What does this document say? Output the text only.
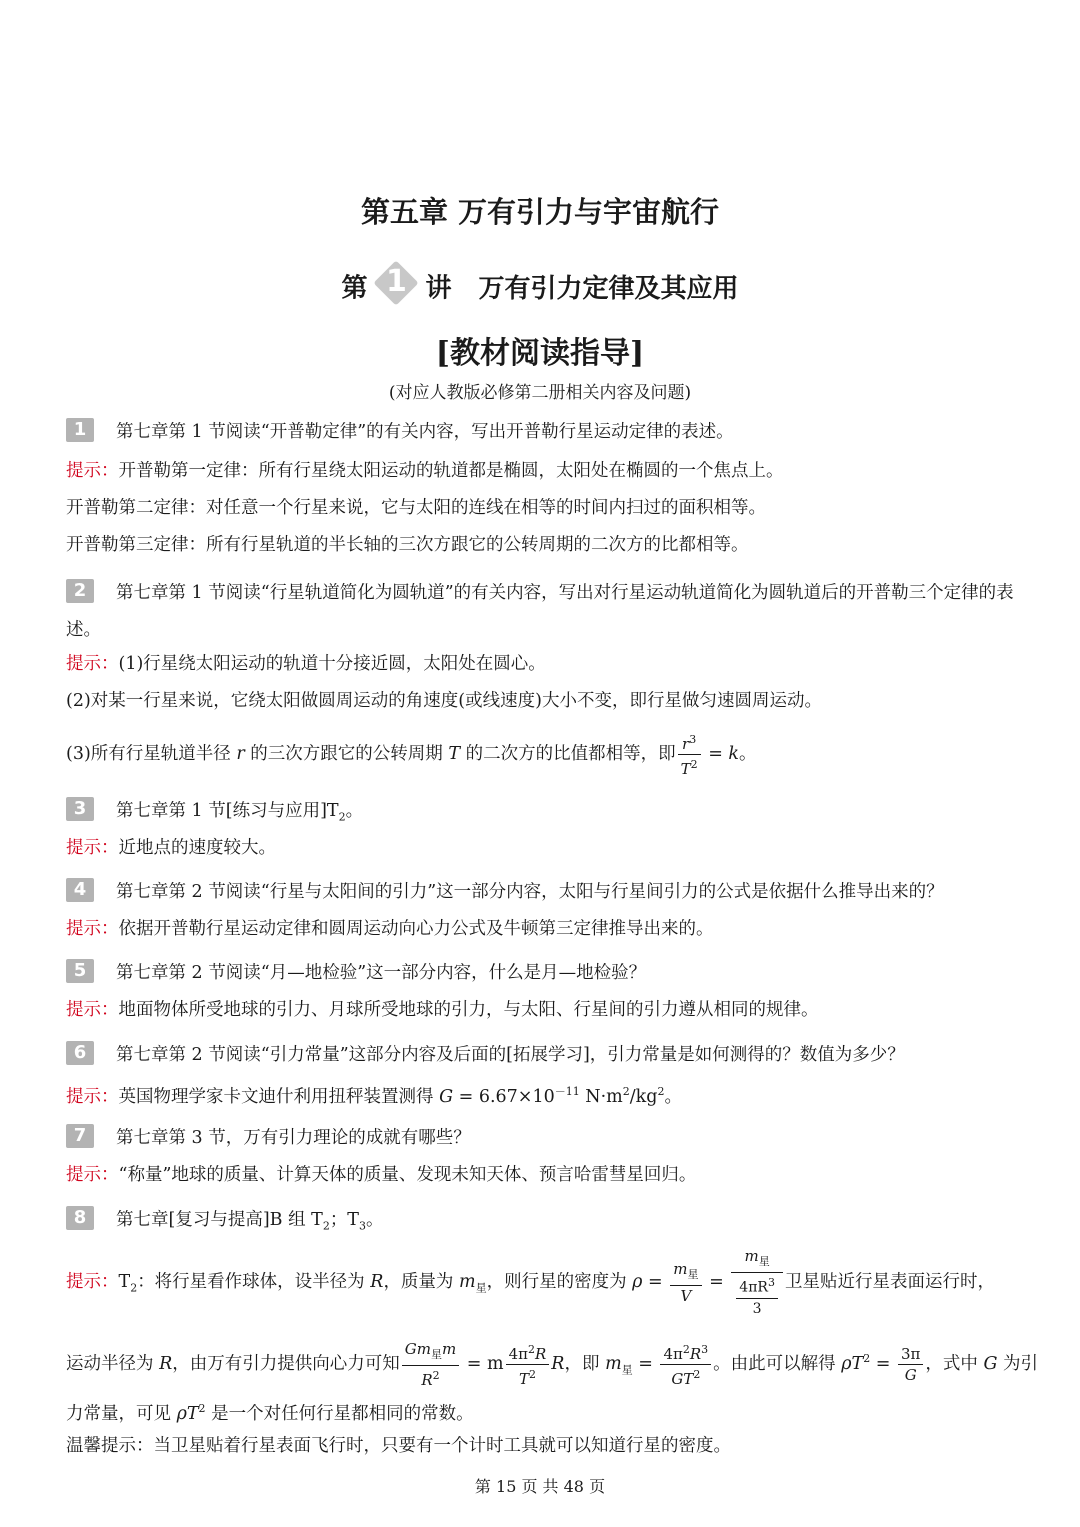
第五章 万有引力与宇宙航行
第 1 讲 万有引力定律及其应用
[教材阅读指导]
(对应人教版必修第二册相关内容及问题)
1 第七章第 1 节阅读“开普勒定律”的有关内容，写出开普勒行星运动定律的表述。
提示：开普勒第一定律：所有行星绕太阳运动的轨道都是椭圆，太阳处在椭圆的一个焦点上。
开普勒第二定律：对任意一个行星来说，它与太阳的连线在相等的时间内扫过的面积相等。
开普勒第三定律：所有行星轨道的半长轴的三次方跟它的公转周期的二次方的比都相等。
2 第七章第 1 节阅读“行星轨道简化为圆轨道”的有关内容，写出对行星运动轨道简化为圆轨道后的开普勒三个定律的表述。
提示：(1)行星绕太阳运动的轨道十分接近圆，太阳处在圆心。
(2)对某一行星来说，它绕太阳做圆周运动的角速度(或线速度)大小不变，即行星做匀速圆周运动。
(3)所有行星轨道半径 r 的三次方跟它的公转周期 T 的二次方的比值都相等，即 $\frac{r^3}{T^2} = k$。
3 第七章第 1 节[练习与应用]$T_2$。
提示：近地点的速度较大。
4 第七章第 2 节阅读“行星与太阳间的引力”这一部分内容，太阳与行星间引力的公式是依据什么推导出来的？
提示：依据开普勒行星运动定律和圆周运动向心力公式及牛顿第三定律推导出来的。
5 第七章第 2 节阅读“月—地检验”这一部分内容，什么是月—地检验？
提示：地面物体所受地球的引力、月球所受地球的引力，与太阳、行星间的引力遵从相同的规律。
6 第七章第 2 节阅读“引力常量”这部分内容及后面的[拓展学习]，引力常量是如何测得的？数值为多少？
提示：英国物理学家卡文迪什利用扭秤装置测得 $G = 6.67\times 10^{-11}$ $N\cdot m^2/kg^2$。
7 第七章第 3 节，万有引力理论的成就有哪些？
提示：“称量”地球的质量、计算天体的质量、发现未知天体、预言哈雷彗星回归。
8 第七章[复习与提高]B 组 $T_2$；$T_3$。
提示：$T_2$：将行星看作球体，设半径为 R，质量为 $m_星$，则行星的密度为 $\rho = \frac{m_星}{V} = \frac{m_星}{\frac{4\pi R^3}{3}}$ 卫星贴近行星表面运行时，
运动半径为 R，由万有引力提供向心力可知 $\frac{Gm_星m}{R^2} = m \frac{4\pi^2R}{T^2}$ R，即 $m_星 = \frac{4\pi^2R^3}{GT^2}$ 。由此可以解得 $\rho T^2 = \frac{3\pi}{G}$ ，式中 G 为引
力常量，可见 $\rho T^2$ 是一个对任何行星都相同的常数。
温馨提示：当卫星贴着行星表面飞行时，只要有一个计时工具就可以知道行星的密度。
第 15 页 共 48 页
